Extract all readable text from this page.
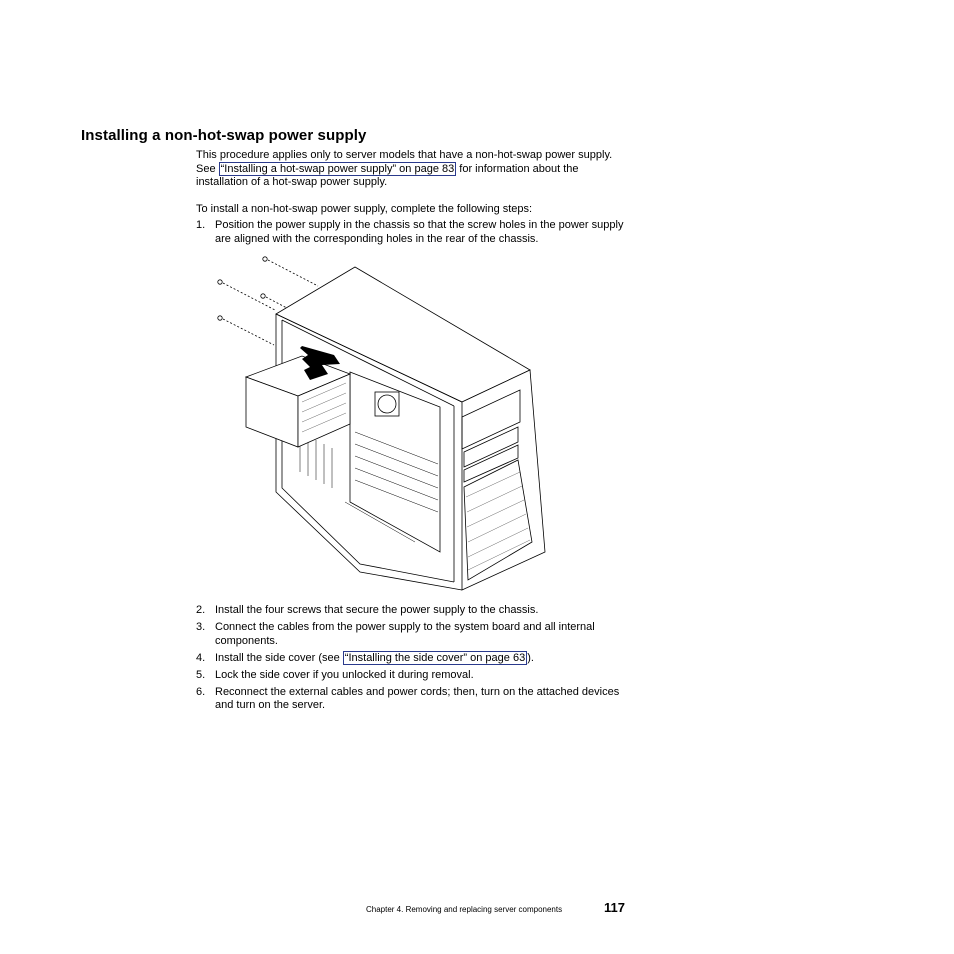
Installing a non-hot-swap power supply

This procedure applies only to server models that have a non-hot-swap power supply. See “Installing a hot-swap power supply” on page 83 for information about the installation of a hot-swap power supply.

To install a non-hot-swap power supply, complete the following steps:

1. Position the power supply in the chassis so that the screw holes in the power supply are aligned with the corresponding holes in the rear of the chassis.
2. Install the four screws that secure the power supply to the chassis.
3. Connect the cables from the power supply to the system board and all internal components.
4. Install the side cover (see “Installing the side cover” on page 63 ).
5. Lock the side cover if you unlocked it during removal.
6. Reconnect the external cables and power cords; then, turn on the attached devices and turn on the server.
Chapter 4. Removing and replacing server components	117
